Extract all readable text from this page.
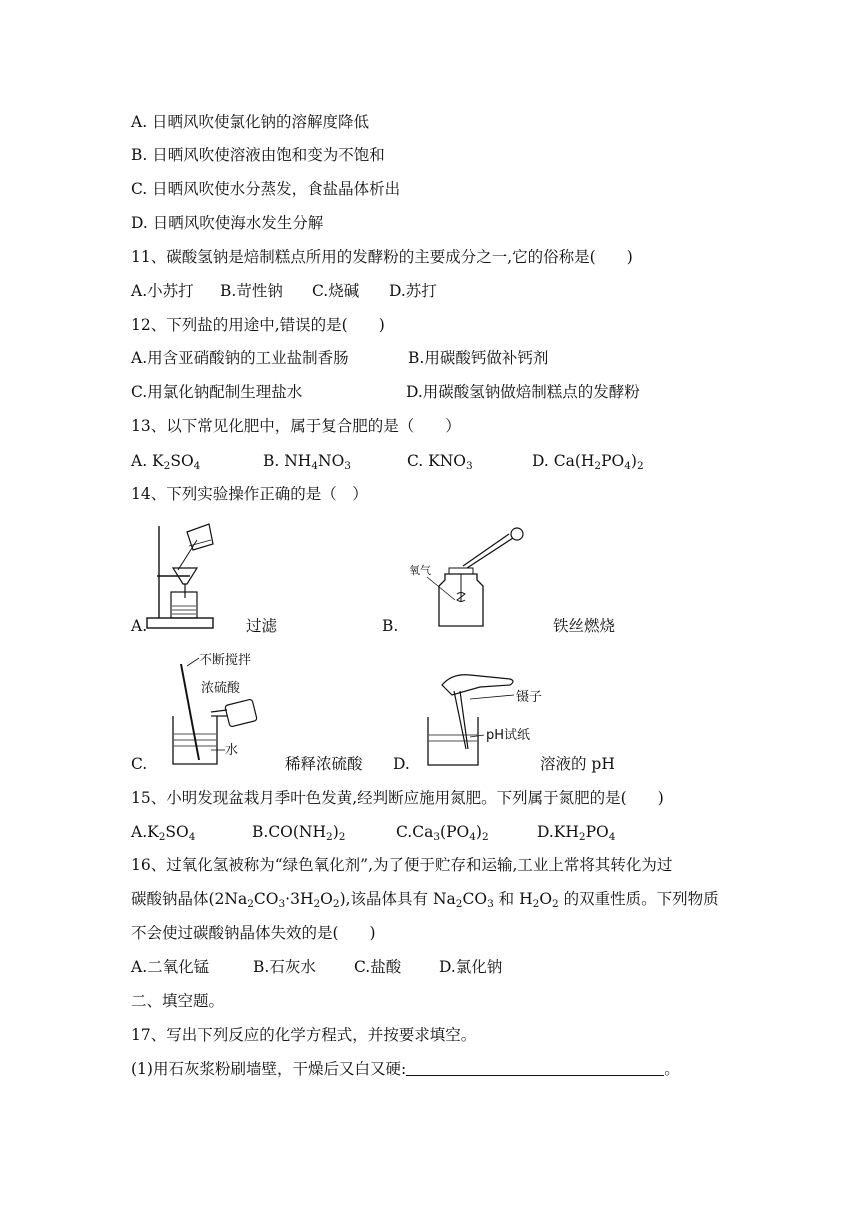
A. 日晒风吹使氯化钠的溶解度降低
B. 日晒风吹使溶液由饱和变为不饱和
C. 日晒风吹使水分蒸发，食盐晶体析出
D. 日晒风吹使海水发生分解
11、碳酸氢钠是焙制糕点所用的发酵粉的主要成分之一,它的俗称是(　　)
A.小苏打 B.苛性钠 C.烧碱 D.苏打
12、下列盐的用途中,错误的是(　　)
A.用含亚硝酸钠的工业盐制香肠	B.用碳酸钙做补钙剂
C.用氯化钠配制生理盐水	D.用碳酸氢钠做焙制糕点的发酵粉
13、以下常见化肥中，属于复合肥的是（　　）
A. $K_2SO_4$	B. $NH_4NO_3$	C. $KNO_3$	D. $Ca(H_2PO_4)_2$
14、下列实验操作正确的是（　）
A.	过滤
氧气
B.	铁丝燃烧
不断搅拌
浓硫酸
水
C.	稀释浓硫酸
镊子
pH试纸
D.	溶液的 pH
15、小明发现盆栽月季叶色发黄,经判断应施用氮肥。下列属于氮肥的是(　　)
$A.K_2SO_4$	$B.CO(NH_2)_2$	$C.Ca_3(PO_4)_2$	$D.KH_2PO_4$
16、过氧化氢被称为“绿色氧化剂”,为了便于贮存和运输,工业上常将其转化为过
碳酸钠晶体$(2Na_2CO_3\cdot 3H_2O_2)$,该晶体具有 $Na_2CO_3$ 和 $H_2O_2$ 的双重性质。下列物质
不会使过碳酸钠晶体失效的是(　　)
A.二氧化锰	B.石灰水 C.盐酸 D.氯化钠
二、填空题。
17、写出下列反应的化学方程式，并按要求填空。
(1)用石灰浆粉刷墙壁，干燥后又白又硬:	。
